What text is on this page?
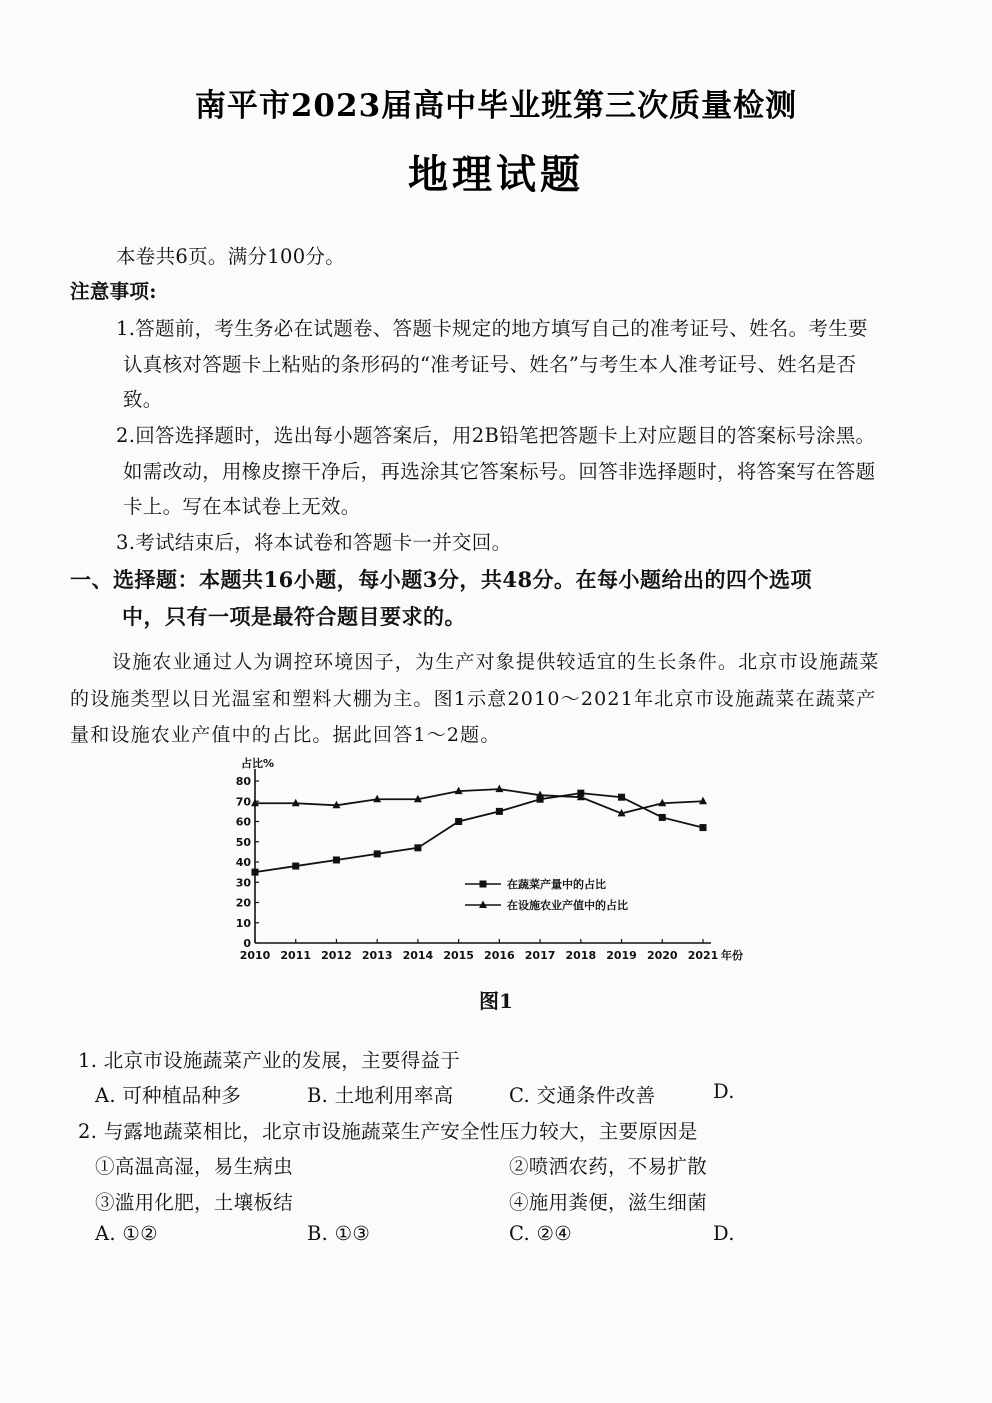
南平市2023届高中毕业班第三次质量检测
地理试题
本卷共6页。满分100分。
注意事项:
1.答题前，考生务必在试题卷、答题卡规定的地方填写自己的准考证号、姓名。考生要
认真核对答题卡上粘贴的条形码的“准考证号、姓名”与考生本人准考证号、姓名是否
致。
2.回答选择题时，选出每小题答案后，用2B铅笔把答题卡上对应题目的答案标号涂黑。
如需改动，用橡皮擦干净后，再选涂其它答案标号。回答非选择题时，将答案写在答题
卡上。写在本试卷上无效。
3.考试结束后，将本试卷和答题卡一并交回。
一、选择题：本题共16小题，每小题3分，共48分。在每小题给出的四个选项
中，只有一项是最符合题目要求的。
设施农业通过人为调控环境因子，为生产对象提供较适宜的生长条件。北京市设施蔬菜
的设施类型以日光温室和塑料大棚为主。图1示意2010～2021年北京市设施蔬菜在蔬菜产
量和设施农业产值中的占比。据此回答1～2题。
0
10
20
30
40
50
60
70
80
2010 2011 2012 2013 2014 2015 2016 2017 2018 2019 2020 2021
占比%
年份
在蔬菜产量中的占比
在设施农业产值中的占比
图1
1. 北京市设施蔬菜产业的发展，主要得益于
A. 可种植品种多	B. 土地利用率高	C. 交通条件改善	D.
2. 与露地蔬菜相比，北京市设施蔬菜生产安全性压力较大，主要原因是
①高温高湿，易生病虫	②喷洒农药，不易扩散
③滥用化肥，土壤板结	④施用粪便，滋生细菌
A. ①②	B. ①③	C. ②④	D.
